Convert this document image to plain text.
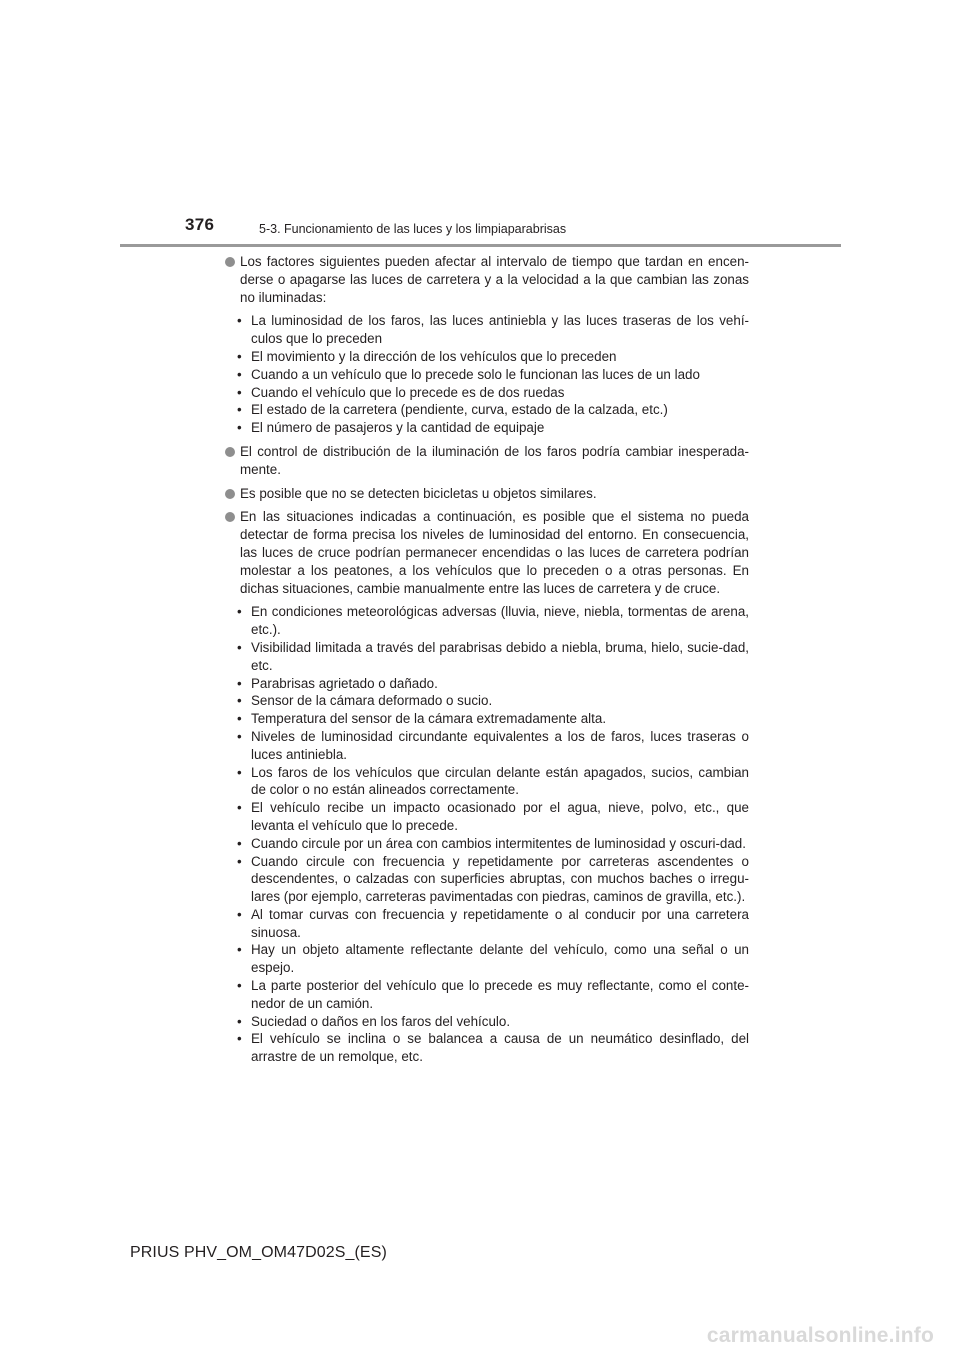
376	5-3. Funcionamiento de las luces y los limpiaparabrisas
Los factores siguientes pueden afectar al intervalo de tiempo que tardan en encen-derse o apagarse las luces de carretera y a la velocidad a la que cambian las zonas no iluminadas:
• La luminosidad de los faros, las luces antiniebla y las luces traseras de los vehí-culos que lo preceden
• El movimiento y la dirección de los vehículos que lo preceden
• Cuando a un vehículo que lo precede solo le funcionan las luces de un lado
• Cuando el vehículo que lo precede es de dos ruedas
• El estado de la carretera (pendiente, curva, estado de la calzada, etc.)
• El número de pasajeros y la cantidad de equipaje
El control de distribución de la iluminación de los faros podría cambiar inesperada-mente.
Es posible que no se detecten bicicletas u objetos similares.
En las situaciones indicadas a continuación, es posible que el sistema no pueda detectar de forma precisa los niveles de luminosidad del entorno. En consecuencia, las luces de cruce podrían permanecer encendidas o las luces de carretera podrían molestar a los peatones, a los vehículos que lo preceden o a otras personas. En dichas situaciones, cambie manualmente entre las luces de carretera y de cruce.
• En condiciones meteorológicas adversas (lluvia, nieve, niebla, tormentas de arena, etc.).
• Visibilidad limitada a través del parabrisas debido a niebla, bruma, hielo, sucie-dad, etc.
• Parabrisas agrietado o dañado.
• Sensor de la cámara deformado o sucio.
• Temperatura del sensor de la cámara extremadamente alta.
• Niveles de luminosidad circundante equivalentes a los de faros, luces traseras o luces antiniebla.
• Los faros de los vehículos que circulan delante están apagados, sucios, cambian de color o no están alineados correctamente.
• El vehículo recibe un impacto ocasionado por el agua, nieve, polvo, etc., que levanta el vehículo que lo precede.
• Cuando circule por un área con cambios intermitentes de luminosidad y oscuri-dad.
• Cuando circule con frecuencia y repetidamente por carreteras ascendentes o descendentes, o calzadas con superficies abruptas, con muchos baches o irregu-lares (por ejemplo, carreteras pavimentadas con piedras, caminos de gravilla, etc.).
• Al tomar curvas con frecuencia y repetidamente o al conducir por una carretera sinuosa.
• Hay un objeto altamente reflectante delante del vehículo, como una señal o un espejo.
• La parte posterior del vehículo que lo precede es muy reflectante, como el conte-nedor de un camión.
• Suciedad o daños en los faros del vehículo.
• El vehículo se inclina o se balancea a causa de un neumático desinflado, del arrastre de un remolque, etc.
PRIUS PHV_OM_OM47D02S_(ES)
carmanualsonline.info
